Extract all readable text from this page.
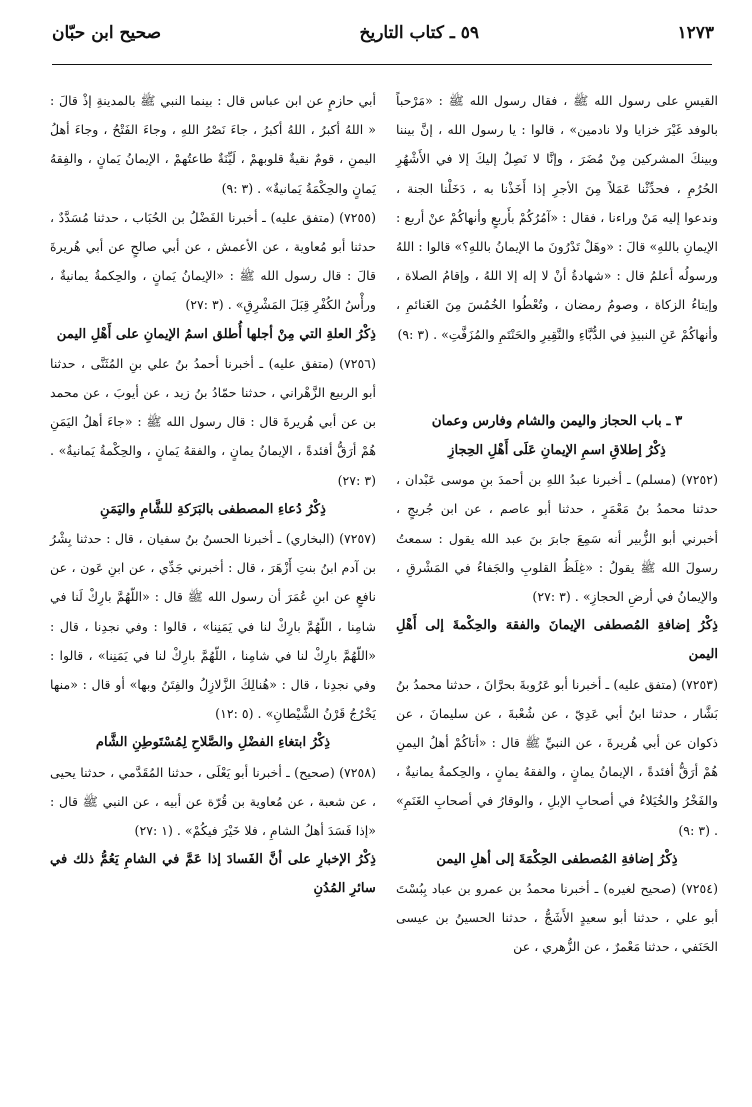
١٢٧٣
٥٩ ـ كتاب التاريخ
صحيح ابن حبّان

القيسِ على رسول الله ﷺ ، فقال رسول الله ﷺ : «مَرْحباً بالوفد غَيْرَ خزايا ولا نادمين» ، قالوا : يا رسول الله ، إنَّ بيننا وبينكَ المشركين مِنْ مُضَرَ ، وإنَّا لا نَصِلُ إليكَ إلا في الأَشْهُرِ الحُرُمِ ، فحدِّثْنا عَمَلاً مِنَ الأجرِ إذا أَخَذْنا به ، دَخَلْنا الجنة ، وندعوا إليه مَنْ وراءنا ، فقال : «آمُرُكُمْ بأَربعٍ وأنهاكُمْ عنْ أربع : الإيمانِ باللهِ» قالَ : «وهَلْ تَدْرُونَ ما الإيمانُ باللهِ؟» قالوا : اللهُ ورسولُه أعلمُ قال : «شهادةُ أنْ لا إله إلا اللهُ ، وإقامُ الصلاة ، وإيتاءُ الزكاة ، وصومُ رمضان ، وتُعْطُوا الخُمُسَ مِنَ الغَنائمِ ، وأنهاكُمْ عَنِ النبيذِ في الدُّبَّاءِ والنَّقِيرِ والحَنْتَمِ والمُزَفَّتِ» . (٣ :٩)

٣ ـ باب الحجاز واليمن والشام وفارس وعمان

ذِكْرُ إطلاقِ اسمِ الإيمانِ عَلَى أَهْلِ الحِجازِ

(٧٢٥٢) (مسلم) ـ أخبرنا عبدُ اللهِ بن أحمدَ بنِ موسى عَبْدان ، حدثنا محمدُ بنُ مَعْمَرٍ ، حدثنا أبو عاصم ، عن ابن جُريجٍ ، أخبرني أبو الزُّبير أنه سَمِعَ جابرَ بنَ عبد الله يقول : سمعتُ رسولَ الله ﷺ يقولُ : «غِلَظُ القلوبِ والجَفاءُ في المَشْرقِ ، والإيمانُ في أرضِ الحجازِ» . (٣ :٢٧)

ذِكْرُ إضافةِ المُصطفى الإيمانَ والفقهَ والحِكْمةَ إلى أَهْلِ اليمن

(٧٢٥٣) (متفق عليه) ـ أخبرنا أبو عَرُوبةَ بحرَّانَ ، حدثنا محمدُ بنُ بَشَّار ، حدثنا ابنُ أبي عَدِيّ ، عن شُعْبةَ ، عن سليمانَ ، عن ذكوان عن أبي هُريرةَ ، عن النبيِّ ﷺ قال : «أتاكُمْ أهلُ اليمنِ هُمْ أرَقُّ أفئدةً ، الإيمانُ يمانٍ ، والفقهُ يمانٍ ، والحِكمةُ يمانيةٌ ، والفَخْرُ والخُيَلاءُ في أصحابِ الإبلِ ، والوقارُ في أصحابِ الغَنَمِ» . (٣ :٩)

ذِكْرُ إضافةِ المُصطفى الحِكْمَةَ إلى أهلِ اليمن

(٧٢٥٤) (صحيح لغيره) ـ أخبرنا محمدُ بن عمرو بن عباد بِبُسْتَ أبو علي ، حدثنا أبو سعيدٍ الأَشَجُّ ، حدثنا الحسينُ بن عيسى الحَنَفي ، حدثنا مَعْمرٌ ، عن الزُّهري ، عن

أبي حازمٍ عن ابن عباس قال : بينما النبي ﷺ بالمدينةِ إذْ قالَ : « اللهُ أكبرُ ، اللهُ أكبرُ ، جاءَ نَصْرُ اللهِ ، وجاءَ الفَتْحُ ، وجاءَ أهلُ اليمنِ ، قومٌ نقيةٌ قلوبهمْ ، لَيِّنَةٌ طاعتُهمْ ، الإيمانُ يَمانٍ ، والفِقهُ يَمانٍ والحِكْمَةُ يَمانيةٌ» . (٣ :٩)

(٧٢٥٥) (متفق عليه) ـ أخبرنا الفَضْلُ بن الحُبَاب ، حدثنا مُسَدَّدٌ ، حدثنا أبو مُعاوية ، عن الأعمش ، عن أبي صالحٍ عن أبي هُريرةَ قالَ : قال رسول الله ﷺ : «الإيمانُ يَمانٍ ، والحِكمةُ يمانيةٌ ، ورأْسُ الكُفْرِ قِبَلَ المَشْرِقِ» . (٣ :٢٧)

ذِكْرُ العلةِ التي مِنْ أجلها أُطلق اسمُ الإيمانِ على أَهْلِ اليمن

(٧٢٥٦) (متفق عليه) ـ أخبرنا أحمدُ بنُ علي بنِ المُثَنَّى ، حدثنا أبو الربيع الزَّهْراني ، حدثنا حمّادُ بنُ زيد ، عن أيوبَ ، عن محمد بن عن أبي هُريرةَ قال : قال رسول الله ﷺ : «جاءَ أهلُ اليَمَنِ هُمْ أرَقُّ أفئدةً ، الإيمانُ يمانٍ ، والفقهُ يَمانٍ ، والحِكْمةُ يَمانيةٌ» . (٣ :٢٧)

ذِكْرُ دُعاءِ المصطفى بالبَرَكةِ للشَّامِ واليَمَنِ

(٧٢٥٧) (البخاري) ـ أخبرنا الحسنُ بنُ سفيان ، قال : حدثنا بِشْرُ بن آدم ابنُ بنتِ أَزْهَرَ ، قال : أخبرني جَدِّي ، عن ابنِ عَون ، عن نافعٍ عن ابنِ عُمَرَ أن رسول الله ﷺ قال : «اللّهُمَّ بارِكْ لَنا في شامِنا ، اللّهُمَّ بارِكْ لنا في يَمَنِنا» ، قالوا : وفي نجدِنا ، قال : «اللّهُمَّ بارِكْ لنا في شامِنا ، اللّهُمَّ بارِكْ لنا في يَمَنِنا» ، قالوا : وفي نجدِنا ، قال : «هُنالِكَ الزَّلازِلُ والفِتَنُ وبها» أو قال : «منها يَخْرُجُ قَرْنُ الشَّيْطانِ» . (٥ :١٢)

ذِكْرُ ابتغاءِ الفضْلِ والصَّلاحِ لِمُسْتَوطِنِ الشَّام

(٧٢٥٨) (صحيح) ـ أخبرنا أبو يَعْلَى ، حدثنا المُقَدَّمي ، حدثنا يحيى ، عن شعبة ، عن مُعاوية بن قُرّة عن أبيه ، عن النبي ﷺ قال : «إذا فَسَدَ أهلُ الشامِ ، فلا خَيْرَ فيكُمْ» . (١ :٢٧)

ذِكْرُ الإخبارِ على أنَّ الفَسادَ إذا عَمَّ في الشامِ يَعُمُّ ذلك في سائرِ المُدُنِ
